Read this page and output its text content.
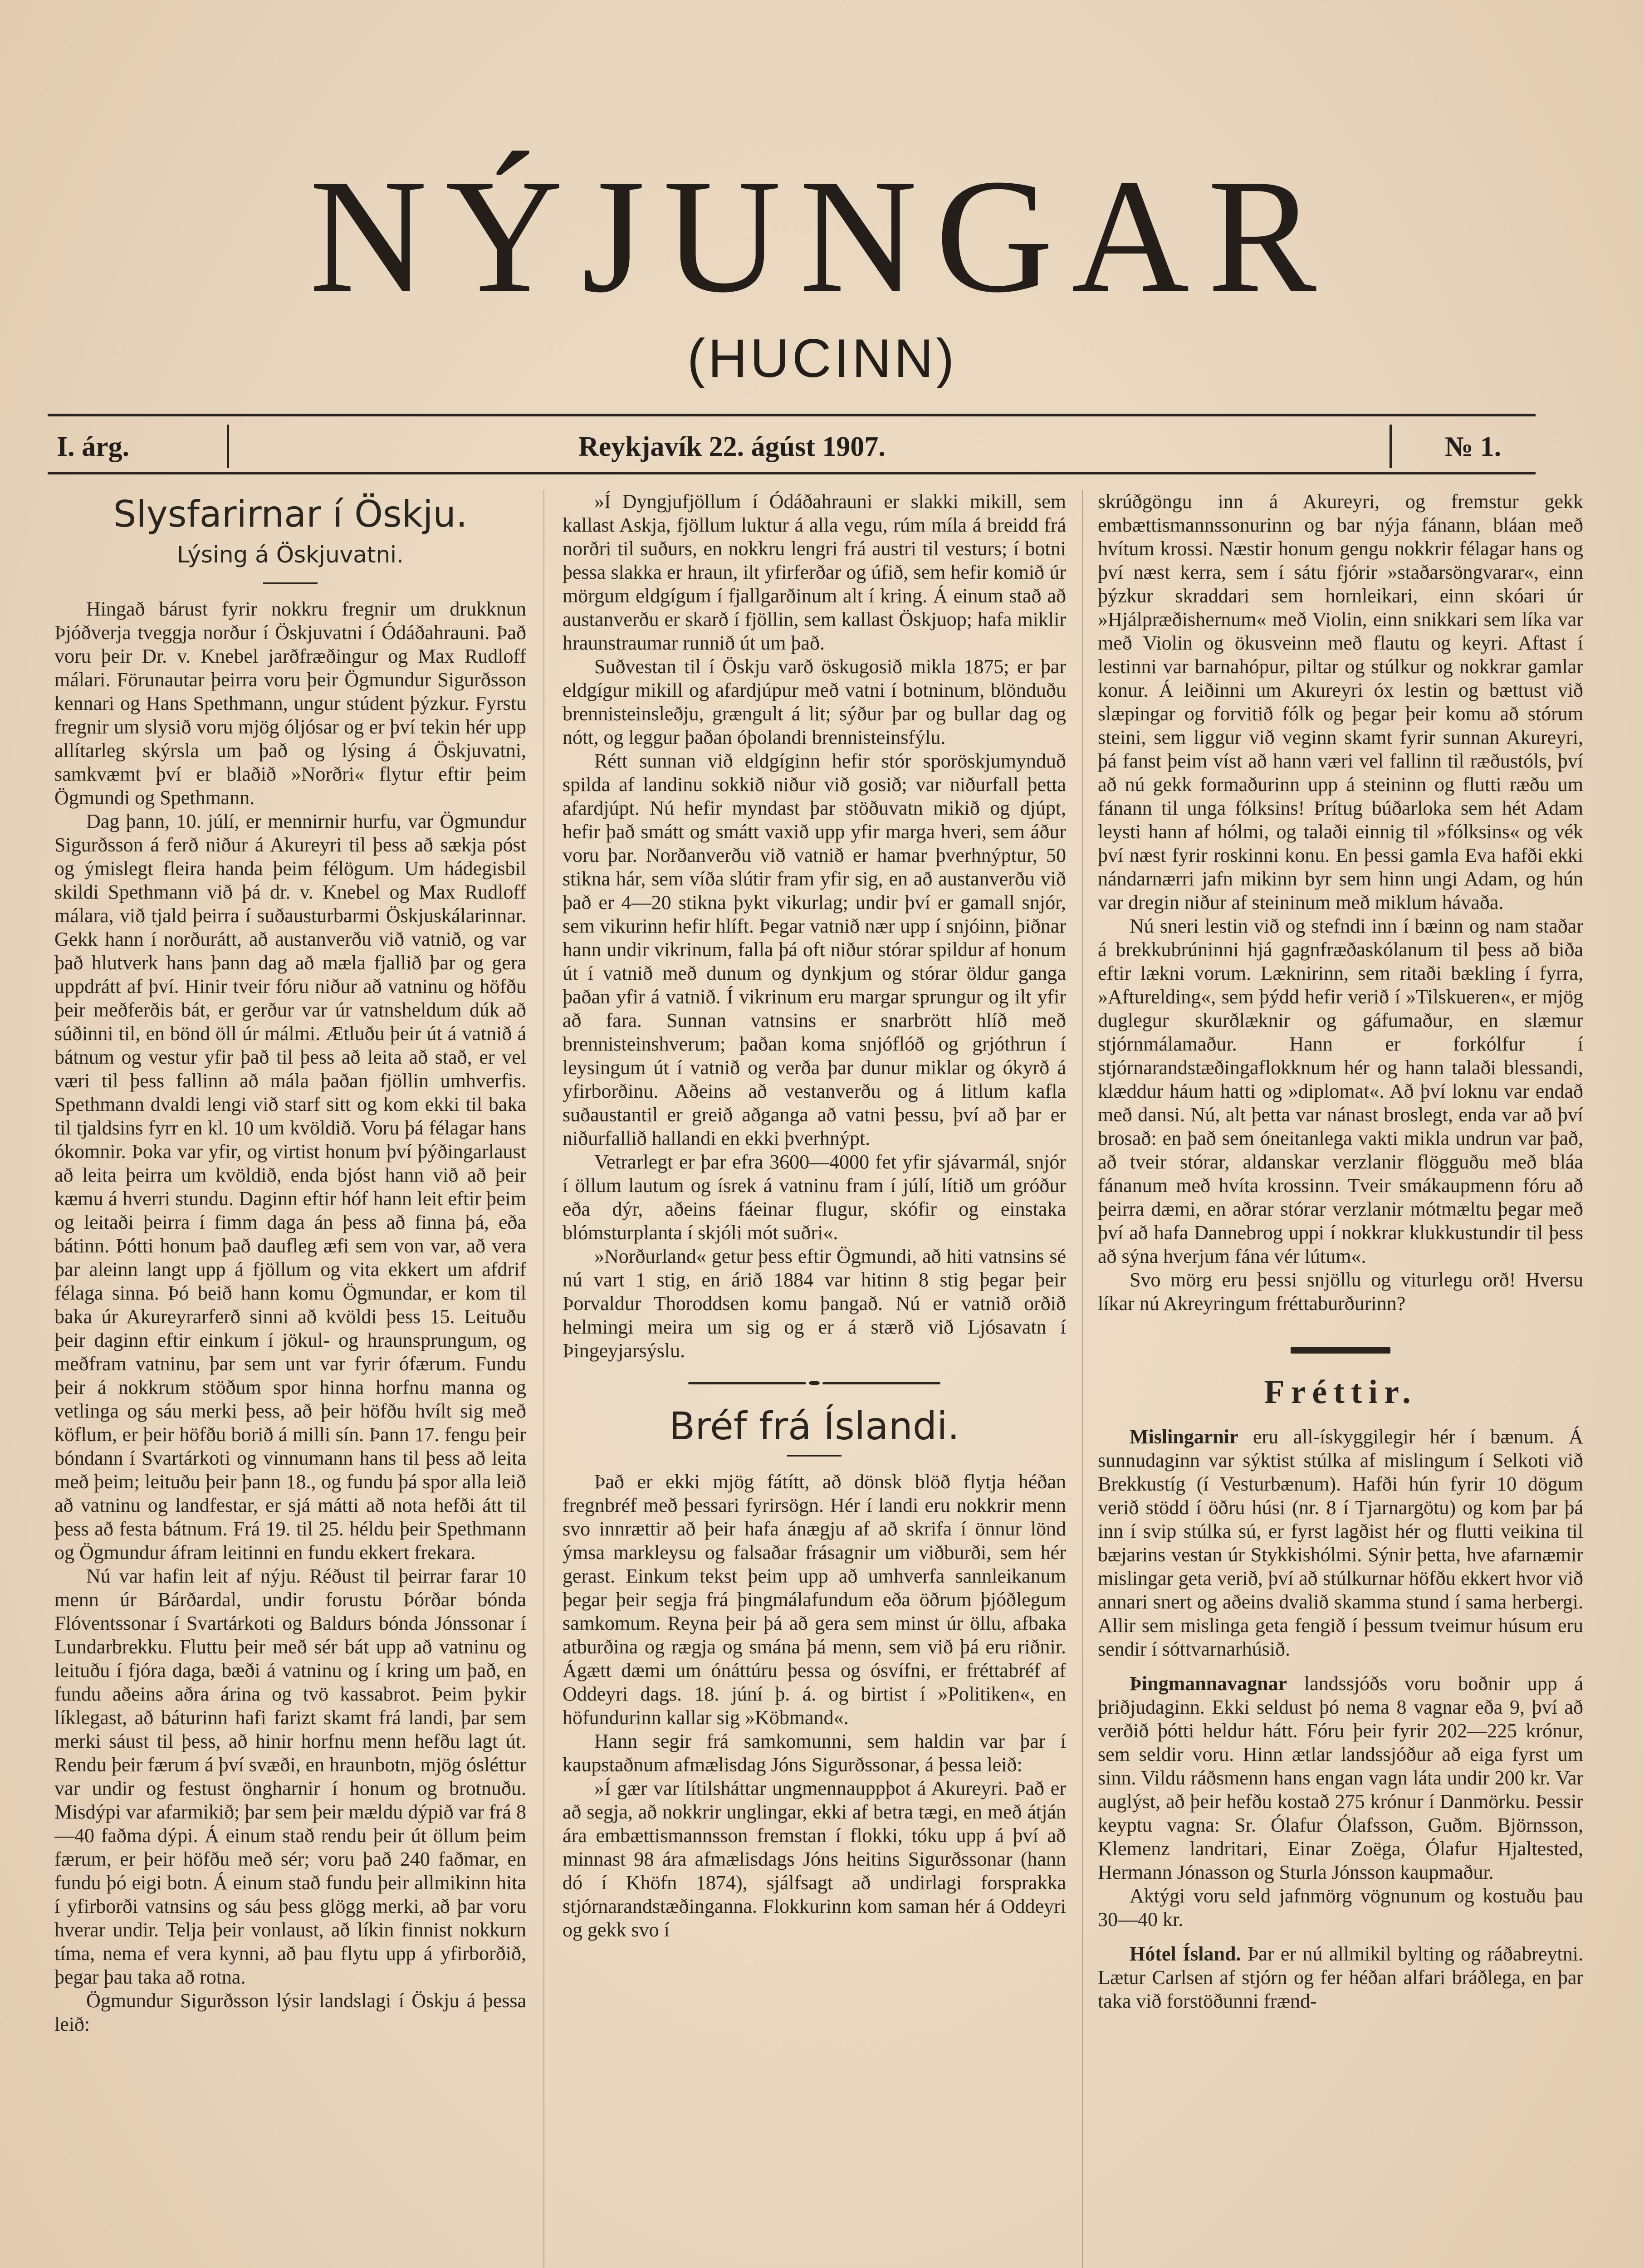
NÝJUNGAR
(HUCINN)
I. árg.	Reykjavík 22. ágúst 1907.	№ 1.
Slysfarirnar í Öskju.
Lýsing á Öskjuvatni.

Hingað bárust fyrir nokkru fregnir um drukknun Þjóðverja tveggja norður í Öskjuvatni í Ódáðahrauni. Það voru þeir Dr. v. Knebel jarðfræðingur og Max Rudloff málari. Förunautar þeirra voru þeir Ögmundur Sigurðsson kennari og Hans Spethmann, ungur stúdent þýzkur. Fyrstu fregnir um slysið voru mjög óljósar og er því tekin hér upp allítarleg skýrsla um það og lýsing á Öskjuvatni, samkvæmt því er blaðið »Norðri« flytur eftir þeim Ögmundi og Spethmann.

Dag þann, 10. júlí, er mennirnir hurfu, var Ögmundur Sigurðsson á ferð niður á Akureyri til þess að sækja póst og ýmislegt fleira handa þeim félögum. Um hádegisbil skildi Spethmann við þá dr. v. Knebel og Max Rudloff málara, við tjald þeirra í suðausturbarmi Öskjuskálarinnar. Gekk hann í norðurátt, að austanverðu við vatnið, og var það hlutverk hans þann dag að mæla fjallið þar og gera uppdrátt af því. Hinir tveir fóru niður að vatninu og höfðu þeir meðferðis bát, er gerður var úr vatnsheldum dúk að súðinni til, en bönd öll úr málmi. Ætluðu þeir út á vatnið á bátnum og vestur yfir það til þess að leita að stað, er vel væri til þess fallinn að mála þaðan fjöllin umhverfis. Spethmann dvaldi lengi við starf sitt og kom ekki til baka til tjaldsins fyrr en kl. 10 um kvöldið. Voru þá félagar hans ókomnir. Þoka var yfir, og virtist honum því þýðingarlaust að leita þeirra um kvöldið, enda bjóst hann við að þeir kæmu á hverri stundu. Daginn eftir hóf hann leit eftir þeim og leitaði þeirra í fimm daga án þess að finna þá, eða bátinn. Þótti honum það daufleg æfi sem von var, að vera þar aleinn langt upp á fjöllum og vita ekkert um afdrif félaga sinna. Þó beið hann komu Ögmundar, er kom til baka úr Akureyrarferð sinni að kvöldi þess 15. Leituðu þeir daginn eftir einkum í jökul- og hraunsprungum, og meðfram vatninu, þar sem unt var fyrir ófærum. Fundu þeir á nokkrum stöðum spor hinna horfnu manna og vetlinga og sáu merki þess, að þeir höfðu hvílt sig með köflum, er þeir höfðu borið á milli sín. Þann 17. fengu þeir bóndann í Svartárkoti og vinnumann hans til þess að leita með þeim; leituðu þeir þann 18., og fundu þá spor alla leið að vatninu og landfestar, er sjá mátti að nota hefði átt til þess að festa bátnum. Frá 19. til 25. héldu þeir Spethmann og Ögmundur áfram leitinni en fundu ekkert frekara.

Nú var hafin leit af nýju. Réðust til þeirrar farar 10 menn úr Bárðardal, undir forustu Þórðar bónda Flóventssonar í Svartárkoti og Baldurs bónda Jónssonar í Lundarbrekku. Fluttu þeir með sér bát upp að vatninu og leituðu í fjóra daga, bæði á vatninu og í kring um það, en fundu aðeins aðra árina og tvö kassabrot. Þeim þykir líklegast, að báturinn hafi farizt skamt frá landi, þar sem merki sáust til þess, að hinir horfnu menn hefðu lagt út. Rendu þeir færum á því svæði, en hraunbotn, mjög ósléttur var undir og festust öngharnir í honum og brotnuðu. Misdýpi var afarmikið; þar sem þeir mældu dýpið var frá 8—40 faðma dýpi. Á einum stað rendu þeir út öllum þeim færum, er þeir höfðu með sér; voru það 240 faðmar, en fundu þó eigi botn. Á einum stað fundu þeir allmikinn hita í yfirborði vatnsins og sáu þess glögg merki, að þar voru hverar undir. Telja þeir vonlaust, að líkin finnist nokkurn tíma, nema ef vera kynni, að þau flytu upp á yfirborðið, þegar þau taka að rotna.

Ögmundur Sigurðsson lýsir landslagi í Öskju á þessa leið:

»Í Dyngjufjöllum í Ódáðahrauni er slakki mikill, sem kallast Askja, fjöllum luktur á alla vegu, rúm míla á breidd frá norðri til suðurs, en nokkru lengri frá austri til vesturs; í botni þessa slakka er hraun, ilt yfirferðar og úfið, sem hefir komið úr mörgum eldgígum í fjallgarðinum alt í kring. Á einum stað að austanverðu er skarð í fjöllin, sem kallast Öskjuop; hafa miklir hraunstraumar runnið út um það.

Suðvestan til í Öskju varð öskugosið mikla 1875; er þar eldgígur mikill og afardjúpur með vatni í botninum, blönduðu brennisteinsleðju, grængult á lit; sýður þar og bullar dag og nótt, og leggur þaðan óþolandi brennisteinsfýlu.

Rétt sunnan við eldgíginn hefir stór sporöskjumynduð spilda af landinu sokkið niður við gosið; var niðurfall þetta afardjúpt. Nú hefir myndast þar stöðuvatn mikið og djúpt, hefir það smátt og smátt vaxið upp yfir marga hveri, sem áður voru þar. Norðanverðu við vatnið er hamar þverhnýptur, 50 stikna hár, sem víða slútir fram yfir sig, en að austanverðu við það er 4—20 stikna þykt vikurlag; undir því er gamall snjór, sem vikurinn hefir hlíft. Þegar vatnið nær upp í snjóinn, þiðnar hann undir vikrinum, falla þá oft niður stórar spildur af honum út í vatnið með dunum og dynkjum og stórar öldur ganga þaðan yfir á vatnið. Í vikrinum eru margar sprungur og ilt yfir að fara. Sunnan vatnsins er snarbrött hlíð með brennisteinshverum; þaðan koma snjóflóð og grjóthrun í leysingum út í vatnið og verða þar dunur miklar og ókyrð á yfirborðinu. Aðeins að vestanverðu og á litlum kafla suðaustantil er greið aðganga að vatni þessu, því að þar er niðurfallið hallandi en ekki þverhnýpt.

Vetrarlegt er þar efra 3600—4000 fet yfir sjávarmál, snjór í öllum lautum og ísrek á vatninu fram í júlí, lítið um gróður eða dýr, aðeins fáeinar flugur, skófir og einstaka blómsturplanta í skjóli mót suðri«.

»Norðurland« getur þess eftir Ögmundi, að hiti vatnsins sé nú vart 1 stig, en árið 1884 var hitinn 8 stig þegar þeir Þorvaldur Thoroddsen komu þangað. Nú er vatnið orðið helmingi meira um sig og er á stærð við Ljósavatn í Þingeyjarsýslu.

Bréf frá Íslandi.

Það er ekki mjög fátítt, að dönsk blöð flytja héðan fregnbréf með þessari fyrirsögn. Hér í landi eru nokkrir menn svo innrættir að þeir hafa ánægju af að skrifa í önnur lönd ýmsa markleysu og falsaðar frásagnir um viðburði, sem hér gerast. Einkum tekst þeim upp að umhverfa sannleikanum þegar þeir segja frá þingmálafundum eða öðrum þjóðlegum samkomum. Reyna þeir þá að gera sem minst úr öllu, afbaka atburðina og rægja og smána þá menn, sem við þá eru riðnir. Ágætt dæmi um ónáttúru þessa og ósvífni, er fréttabréf af Oddeyri dags. 18. júní þ. á. og birtist í »Politiken«, en höfundurinn kallar sig »Köbmand«.

Hann segir frá samkomunni, sem haldin var þar í kaupstaðnum afmælisdag Jóns Sigurðssonar, á þessa leið:

»Í gær var lítilsháttar ungmennauppþot á Akureyri. Það er að segja, að nokkrir unglingar, ekki af betra tægi, en með átján ára embættismannsson fremstan í flokki, tóku upp á því að minnast 98 ára afmælisdags Jóns heitins Sigurðssonar (hann dó í Khöfn 1874), sjálfsagt að undirlagi forsprakka stjórnarandstæðinganna. Flokkurinn kom saman hér á Oddeyri og gekk svo í

skrúðgöngu inn á Akureyri, og fremstur gekk embættismannssonurinn og bar nýja fánann, bláan með hvítum krossi. Næstir honum gengu nokkrir félagar hans og því næst kerra, sem í sátu fjórir »staðarsöngvarar«, einn þýzkur skraddari sem hornleikari, einn skóari úr »Hjálpræðishernum« með Violin, einn snikkari sem líka var með Violin og ökusveinn með flautu og keyri. Aftast í lestinni var barnahópur, piltar og stúlkur og nokkrar gamlar konur. Á leiðinni um Akureyri óx lestin og bættust við slæpingar og forvitið fólk og þegar þeir komu að stórum steini, sem liggur við veginn skamt fyrir sunnan Akureyri, þá fanst þeim víst að hann væri vel fallinn til ræðustóls, því að nú gekk formaðurinn upp á steininn og flutti ræðu um fánann til unga fólksins! Þrítug búðarloka sem hét Adam leysti hann af hólmi, og talaði einnig til »fólksins« og vék því næst fyrir roskinni konu. En þessi gamla Eva hafði ekki nándarnærri jafn mikinn byr sem hinn ungi Adam, og hún var dregin niður af steininum með miklum hávaða.

Nú sneri lestin við og stefndi inn í bæinn og nam staðar á brekkubrúninni hjá gagnfræðaskólanum til þess að biða eftir lækni vorum. Læknirinn, sem ritaði bækling í fyrra, »Afturelding«, sem þýdd hefir verið í »Tilskueren«, er mjög duglegur skurðlæknir og gáfumaður, en slæmur stjórnmálamaður. Hann er forkólfur í stjórnarandstæðingaflokknum hér og hann talaði blessandi, klæddur háum hatti og »diplomat«. Að því loknu var endað með dansi. Nú, alt þetta var nánast broslegt, enda var að því brosað: en það sem óneitanlega vakti mikla undrun var það, að tveir stórar, aldanskar verzlanir flögguðu með bláa fánanum með hvíta krossinn. Tveir smákaupmenn fóru að þeirra dæmi, en aðrar stórar verzlanir mótmæltu þegar með því að hafa Dannebrog uppi í nokkrar klukkustundir til þess að sýna hverjum fána vér lútum«.

Svo mörg eru þessi snjöllu og viturlegu orð! Hversu líkar nú Akreyringum fréttaburðurinn?

Fréttir.

Mislingarnir eru all-ískyggilegir hér í bænum. Á sunnudaginn var sýktist stúlka af mislingum í Selkoti við Brekkustíg (í Vesturbænum). Hafði hún fyrir 10 dögum verið stödd í öðru húsi (nr. 8 í Tjarnargötu) og kom þar þá inn í svip stúlka sú, er fyrst lagðist hér og flutti veikina til bæjarins vestan úr Stykkishólmi. Sýnir þetta, hve afarnæmir mislingar geta verið, því að stúlkurnar höfðu ekkert hvor við annari snert og aðeins dvalið skamma stund í sama herbergi. Allir sem mislinga geta fengið í þessum tveimur húsum eru sendir í sóttvarnarhúsið.

Þingmannavagnar landssjóðs voru boðnir upp á þriðjudaginn. Ekki seldust þó nema 8 vagnar eða 9, því að verðið þótti heldur hátt. Fóru þeir fyrir 202—225 krónur, sem seldir voru. Hinn ætlar landssjóður að eiga fyrst um sinn. Vildu ráðsmenn hans engan vagn láta undir 200 kr. Var auglýst, að þeir hefðu kostað 275 krónur í Danmörku. Þessir keyptu vagna: Sr. Ólafur Ólafsson, Guðm. Björnsson, Klemenz landritari, Einar Zoëga, Ólafur Hjaltested, Hermann Jónasson og Sturla Jónsson kaupmaður.

Aktýgi voru seld jafnmörg vögnunum og kostuðu þau 30—40 kr.

Hótel Ísland. Þar er nú allmikil bylting og ráðabreytni. Lætur Carlsen af stjórn og fer héðan alfari bráðlega, en þar taka við forstöðunni frænd-
